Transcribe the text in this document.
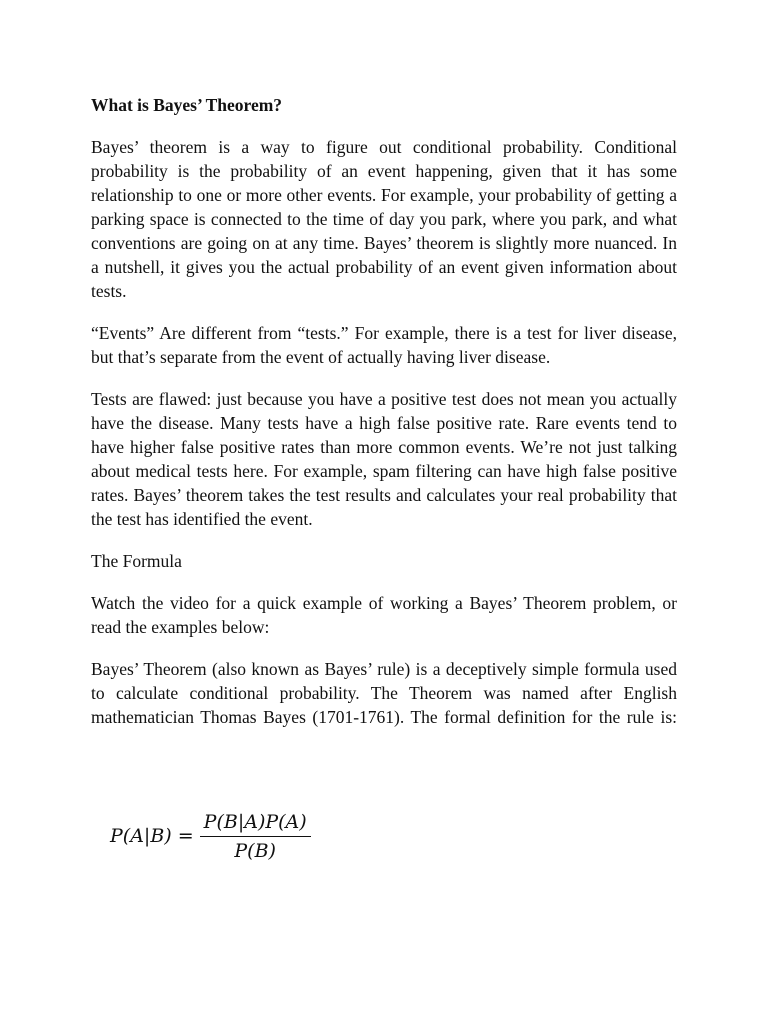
What is Bayes’ Theorem?
Bayes’ theorem is a way to figure out conditional probability. Conditional probability is the probability of an event happening, given that it has some relationship to one or more other events. For example, your probability of getting a parking space is connected to the time of day you park, where you park, and what conventions are going on at any time. Bayes’ theorem is slightly more nuanced. In a nutshell, it gives you the actual probability of an event given information about tests.
“Events” Are different from “tests.” For example, there is a test for liver disease, but that’s separate from the event of actually having liver disease.
Tests are flawed: just because you have a positive test does not mean you actually have the disease. Many tests have a high false positive rate. Rare events tend to have higher false positive rates than more common events. We’re not just talking about medical tests here. For example, spam filtering can have high false positive rates. Bayes’ theorem takes the test results and calculates your real probability that the test has identified the event.
The Formula
Watch the video for a quick example of working a Bayes’ Theorem problem, or read the examples below:
Bayes’ Theorem (also known as Bayes’ rule) is a deceptively simple formula used to calculate conditional probability. The Theorem was named after English mathematician Thomas Bayes (1701-1761). The formal definition for the rule is:
$P(A|B) = \frac{P(B|A)P(A)}{P(B)}$
